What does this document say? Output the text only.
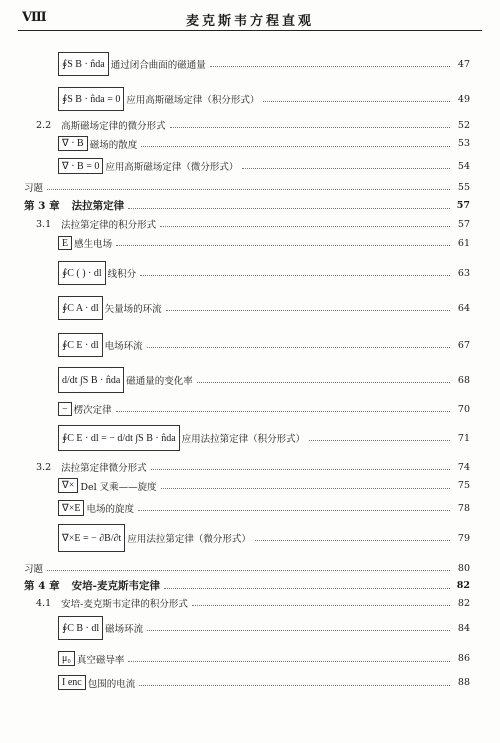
Ⅷ	麦克斯韦方程直观
∮S B · n̂da 通过闭合曲面的磁通量	47
∮S B · n̂da = 0 应用高斯磁场定律（积分形式）	49
2.2 高斯磁场定律的微分形式	52
∇ · B 磁场的散度	53
∇ · B = 0 应用高斯磁场定律（微分形式）	54
习题	55
第 3 章 法拉第定律	57
3.1 法拉第定律的积分形式	57
E 感生电场	61
∮C ( ) · dl 线积分	63
∮C A · dl 矢量场的环流	64
∮C E · dl 电场环流	67
d/dt ∫S B · n̂da 磁通量的变化率	68
− 楞次定律	70
∮C E · dl = − d/dt ∫S B · n̂da 应用法拉第定律（积分形式）	71
3.2 法拉第定律微分形式	74
∇× Del 叉乘——旋度	75
∇×E 电场的旋度	78
∇×E = − ∂B/∂t 应用法拉第定律（微分形式）	79
习题	80
第 4 章 安培-麦克斯韦定律	82
4.1 安培-麦克斯韦定律的积分形式	82
∮C B · dl 磁场环流	84
μ₀ 真空磁导率	86
I enc 包围的电流	88
